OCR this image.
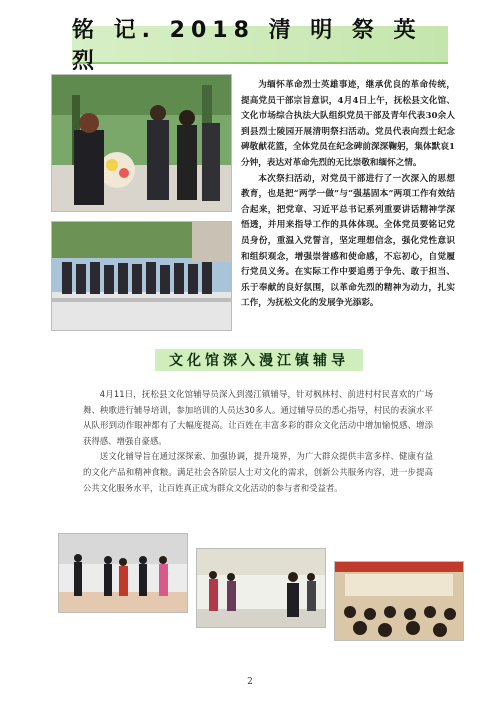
铭 记. 2018 清 明 祭 英 烈

为缅怀革命烈士英雄事迹，继承优良的革命传统，提高党员干部宗旨意识，4月4日上午，抚松县文化馆、文化市场综合执法大队组织党员干部及青年代表30余人到县烈士陵园开展清明祭扫活动。党员代表向烈士纪念碑敬献花篮，全体党员在纪念碑前深深鞠躬，集体默哀1分钟，表达对革命先烈的无比崇敬和缅怀之情。

本次祭扫活动，对党员干部进行了一次深入的思想教育，也是把“两学一做”与“强基固本”两项工作有效结合起来，把党章、习近平总书记系列重要讲话精神学深悟透，并用来指导工作的具体体现。全体党员要铭记党员身份，重温入党誓言，坚定理想信念，强化党性意识和组织观念，增强崇誉感和使命感，不忘初心，自觉履行党员义务。在实际工作中要追勇于争先、敢于担当、乐于奉献的良好氛围，以革命先烈的精神为动力，扎实工作，为抚松文化的发展争光添彩。

文化馆深入漫江镇辅导

4月11日，抚松县文化馆辅导员深入到漫江镇辅导，针对枫林村、前进村村民喜欢的广场舞、秧歌进行辅导培训，参加培训的人员达30多人。通过辅导员的悉心指导，村民的表演水平从队形到动作眼神都有了大幅度提高。让百姓在丰富多彩的群众文化活动中增加愉悦感、增添获得感、增强自豪感。

送文化辅导旨在通过深探索、加强协调，提升境界，为广大群众提供丰富多样、健康有益的文化产品和精神食粮。满足社会各阶层人士对文化的需求，创新公共服务内容，进一步提高公共文化服务水平，让百姓真正成为群众文化活动的参与者和受益者。

2
